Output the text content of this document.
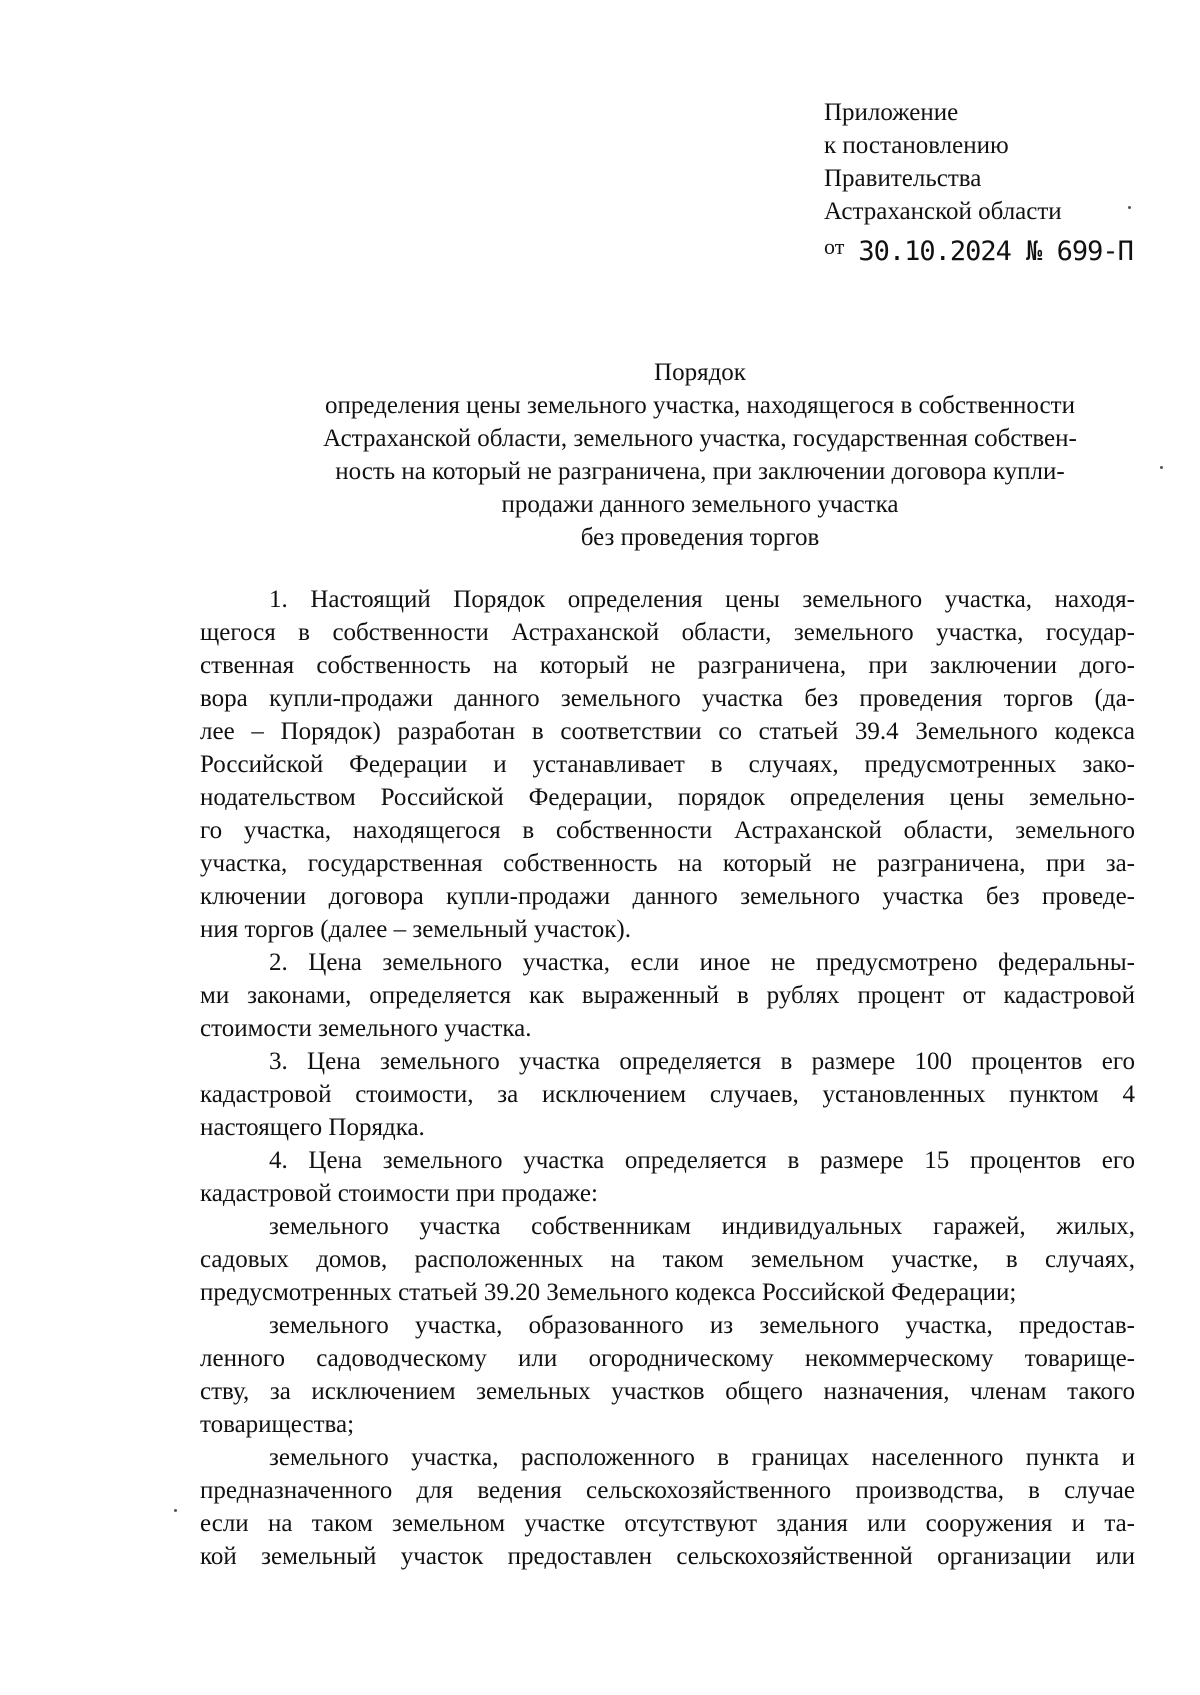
Приложение
к постановлению
Правительства
Астраханской области
от 30.10.2024 № 699-П
Порядок
определения цены земельного участка, находящегося в собственности
Астраханской области, земельного участка, государственная собствен-
ность на который не разграничена, при заключении договора купли-
продажи данного земельного участка
без проведения торгов
1. Настоящий Порядок определения цены земельного участка, находя-
щегося в собственности Астраханской области, земельного участка, государ-
ственная собственность на который не разграничена, при заключении дого-
вора купли-продажи данного земельного участка без проведения торгов (да-
лее – Порядок) разработан в соответствии со статьей 39.4 Земельного кодекса
Российской Федерации и устанавливает в случаях, предусмотренных зако-
нодательством Российской Федерации, порядок определения цены земельно-
го участка, находящегося в собственности Астраханской области, земельного
участка, государственная собственность на который не разграничена, при за-
ключении договора купли-продажи данного земельного участка без проведе-
ния торгов (далее – земельный участок).
2. Цена земельного участка, если иное не предусмотрено федеральны-
ми законами, определяется как выраженный в рублях процент от кадастровой
стоимости земельного участка.
3. Цена земельного участка определяется в размере 100 процентов его
кадастровой стоимости, за исключением случаев, установленных пунктом 4
настоящего Порядка.
4. Цена земельного участка определяется в размере 15 процентов его
кадастровой стоимости при продаже:
земельного участка собственникам индивидуальных гаражей, жилых,
садовых домов, расположенных на таком земельном участке, в случаях,
предусмотренных статьей 39.20 Земельного кодекса Российской Федерации;
земельного участка, образованного из земельного участка, предостав-
ленного садоводческому или огородническому некоммерческому товарище-
ству, за исключением земельных участков общего назначения, членам такого
товарищества;
земельного участка, расположенного в границах населенного пункта и
предназначенного для ведения сельскохозяйственного производства, в случае
если на таком земельном участке отсутствуют здания или сооружения и та-
кой земельный участок предоставлен сельскохозяйственной организации или
